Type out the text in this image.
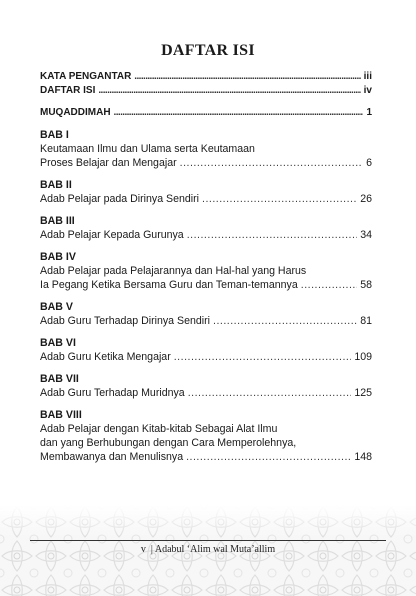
DAFTAR ISI
KATA PENGANTAR .....	iii
DAFTAR ISI .....	iv
MUQADDIMAH .....	1
BAB I
Keutamaan Ilmu dan Ulama serta Keutamaan
Proses Belajar dan Mengajar .....	6
BAB II
Adab Pelajar pada Dirinya Sendiri .....	26
BAB III
Adab Pelajar Kepada Gurunya .....	34
BAB IV
Adab Pelajar pada Pelajarannya dan Hal-hal yang Harus
Ia Pegang Ketika Bersama Guru dan Teman-temannya .....	58
BAB V
Adab Guru Terhadap Dirinya Sendiri .....	81
BAB VI
Adab Guru Ketika Mengajar .....	109
BAB VII
Adab Guru Terhadap Muridnya .....	125
BAB VIII
Adab Pelajar dengan Kitab-kitab Sebagai Alat Ilmu
dan yang Berhubungan dengan Cara Memperolehnya,
Membawanya dan Menulisnya .....	148
v | Adabul ‘Alim wal Muta’allim
